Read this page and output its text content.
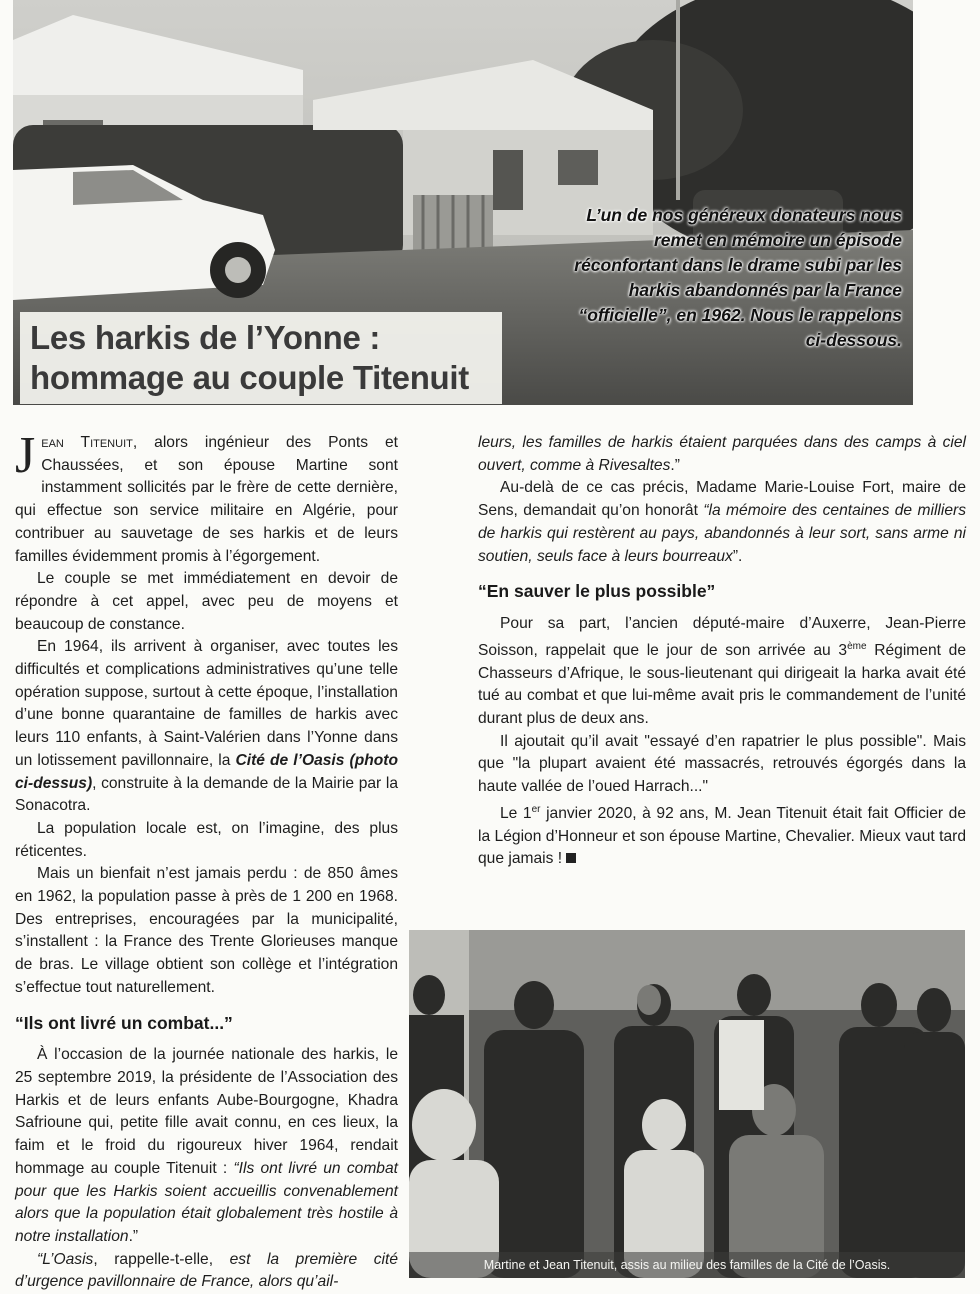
L’un de nos généreux donateurs nous remet en mémoire un épisode réconfortant dans le drame subi par les harkis abandonnés par la France “officielle”, en 1962. Nous le rappelons ci-dessous.

Les harkis de l’Yonne :
hommage au couple Titenuit

Jean Titenuit, alors ingénieur des Ponts et Chaussées, et son épouse Martine sont instamment sollicités par le frère de cette dernière, qui effectue son service militaire en Algérie, pour contribuer au sauvetage de ses harkis et de leurs familles évidemment promis à l’égorgement.

Le couple se met immédiatement en devoir de répondre à cet appel, avec peu de moyens et beaucoup de constance.

En 1964, ils arrivent à organiser, avec toutes les difficultés et complications administratives qu’une telle opération suppose, surtout à cette époque, l’installation d’une bonne quarantaine de familles de harkis avec leurs 110 enfants, à Saint-Valérien dans l’Yonne dans un lotissement pavillonnaire, la Cité de l’Oasis (photo ci-dessus), construite à la demande de la Mairie par la Sonacotra.

La population locale est, on l’imagine, des plus réticentes.

Mais un bienfait n’est jamais perdu : de 850 âmes en 1962, la population passe à près de 1 200 en 1968. Des entreprises, encouragées par la municipalité, s’installent : la France des Trente Glorieuses manque de bras. Le village obtient son collège et l’intégration s’effectue tout naturellement.

“Ils ont livré un combat...”

À l’occasion de la journée nationale des harkis, le 25 septembre 2019, la présidente de l’Association des Harkis et de leurs enfants Aube-Bourgogne, Khadra Safrioune qui, petite fille avait connu, en ces lieux, la faim et le froid du rigoureux hiver 1964, rendait hommage au couple Titenuit : “Ils ont livré un combat pour que les Harkis soient accueillis convenablement alors que la population était globalement très hostile à notre installation.”

“L’Oasis, rappelle-t-elle, est la première cité d’urgence pavillonnaire de France, alors qu’ail-

leurs, les familles de harkis étaient parquées dans des camps à ciel ouvert, comme à Rivesaltes.”

Au-delà de ce cas précis, Madame Marie-Louise Fort, maire de Sens, demandait qu’on honorât “la mémoire des centaines de milliers de harkis qui restèrent au pays, abandonnés à leur sort, sans arme ni soutien, seuls face à leurs bourreaux”.

“En sauver le plus possible”

Pour sa part, l’ancien député-maire d’Auxerre, Jean-Pierre Soisson, rappelait que le jour de son arrivée au 3ème Régiment de Chasseurs d’Afrique, le sous-lieutenant qui dirigeait la harka avait été tué au combat et que lui-même avait pris le commandement de l’unité durant plus de deux ans.

Il ajoutait qu’il avait "essayé d’en rapatrier le plus possible". Mais que "la plupart avaient été massacrés, retrouvés égorgés dans la haute vallée de l’oued Harrach..."

Le 1er janvier 2020, à 92 ans, M. Jean Titenuit était fait Officier de la Légion d’Honneur et son épouse Martine, Chevalier. Mieux vaut tard que jamais !

Martine et Jean Titenuit, assis au milieu des familles de la Cité de l’Oasis.
